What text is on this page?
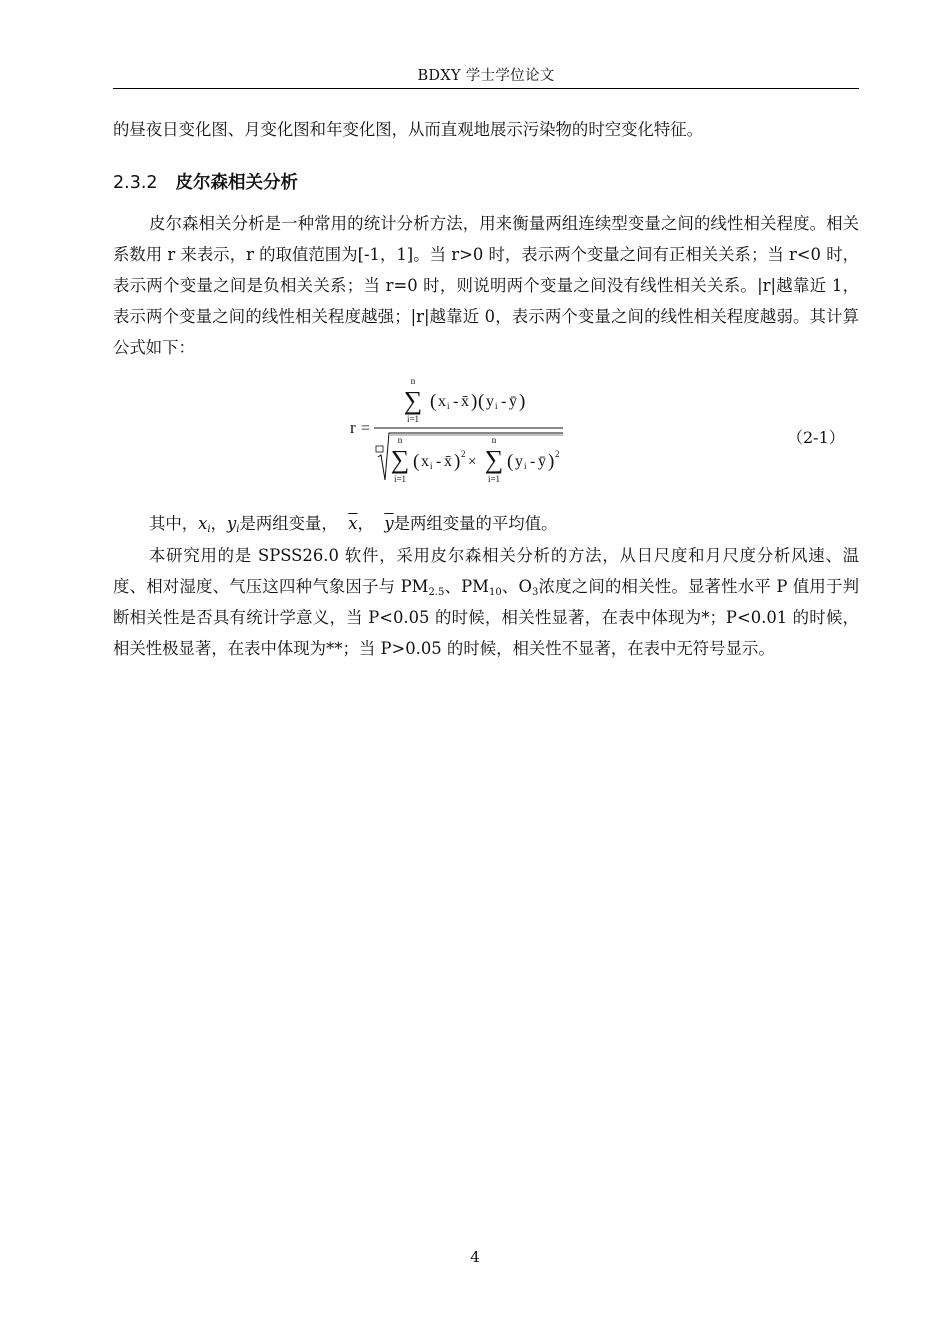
BDXY 学士学位论文

的昼夜日变化图、月变化图和年变化图，从而直观地展示污染物的时空变化特征。

2.3.2 皮尔森相关分析

皮尔森相关分析是一种常用的统计分析方法，用来衡量两组连续型变量之间的线性相关程度。相关系数用 r 来表示，r 的取值范围为[-1，1]。当 r>0 时，表示两个变量之间有正相关关系；当 r<0 时，表示两个变量之间是负相关关系；当 r=0 时，则说明两个变量之间没有线性相关关系。|r|越靠近 1，表示两个变量之间的线性相关程度越强；|r|越靠近 0，表示两个变量之间的线性相关程度越弱。其计算公式如下：

r =
n
∑
i=1
( x i - x̄ ) ( y i - ȳ )
n
∑
i=1
( x i - x̄ ) 2 ×
n
∑
i=1
( y i - ȳ ) 2
（2-1）

其中，$x_i$，$y_i$是两组变量， $\overline{x}$， $\overline{y}$是两组变量的平均值。

本研究用的是 SPSS26.0 软件，采用皮尔森相关分析的方法，从日尺度和月尺度分析风速、温度、相对湿度、气压这四种气象因子与 $PM_{2.5}$、$PM_{10}$、$O_3$浓度之间的相关性。显著性水平 P 值用于判断相关性是否具有统计学意义，当 P<0.05 的时候，相关性显著，在表中体现为*；P<0.01 的时候，相关性极显著，在表中体现为**；当 P>0.05 的时候，相关性不显著，在表中无符号显示。

4
